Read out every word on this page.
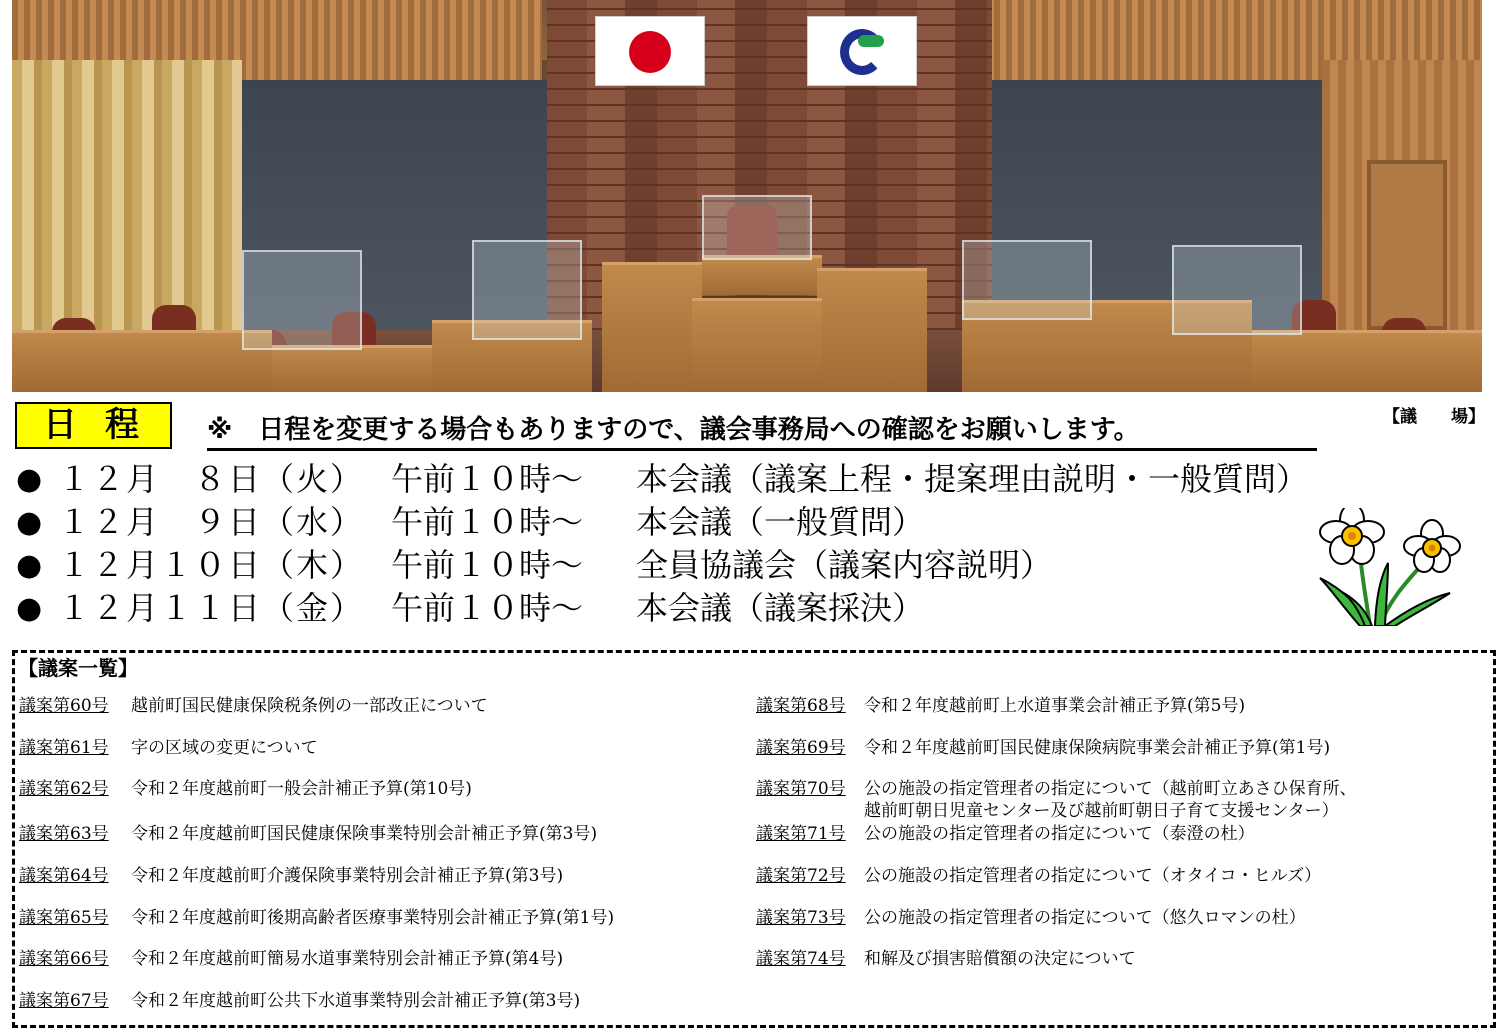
日程 ※　日程を変更する場合もありますので、議会事務局への確認をお願いします。	【議　　場】
● １２月　８日（火） 午前１０時～ 本会議（議案上程・提案理由説明・一般質問）
● １２月　９日（水） 午前１０時～ 本会議（一般質問）
● １２月１０日（木） 午前１０時～ 全員協議会（議案内容説明）
● １２月１１日（金） 午前１０時～ 本会議（議案採決）
【議案一覧】
議案第60号 越前町国民健康保険税条例の一部改正について
議案第61号 字の区域の変更について
議案第62号 令和２年度越前町一般会計補正予算(第10号)
議案第63号 令和２年度越前町国民健康保険事業特別会計補正予算(第3号)
議案第64号 令和２年度越前町介護保険事業特別会計補正予算(第3号)
議案第65号 令和２年度越前町後期高齢者医療事業特別会計補正予算(第1号)
議案第66号 令和２年度越前町簡易水道事業特別会計補正予算(第4号)
議案第67号 令和２年度越前町公共下水道事業特別会計補正予算(第3号)
議案第68号 令和２年度越前町上水道事業会計補正予算(第5号)
議案第69号 令和２年度越前町国民健康保険病院事業会計補正予算(第1号)
議案第70号 公の施設の指定管理者の指定について（越前町立あさひ保育所、
越前町朝日児童センター及び越前町朝日子育て支援センター）
議案第71号 公の施設の指定管理者の指定について（泰澄の杜）
議案第72号 公の施設の指定管理者の指定について（オタイコ・ヒルズ）
議案第73号 公の施設の指定管理者の指定について（悠久ロマンの杜）
議案第74号 和解及び損害賠償額の決定について
